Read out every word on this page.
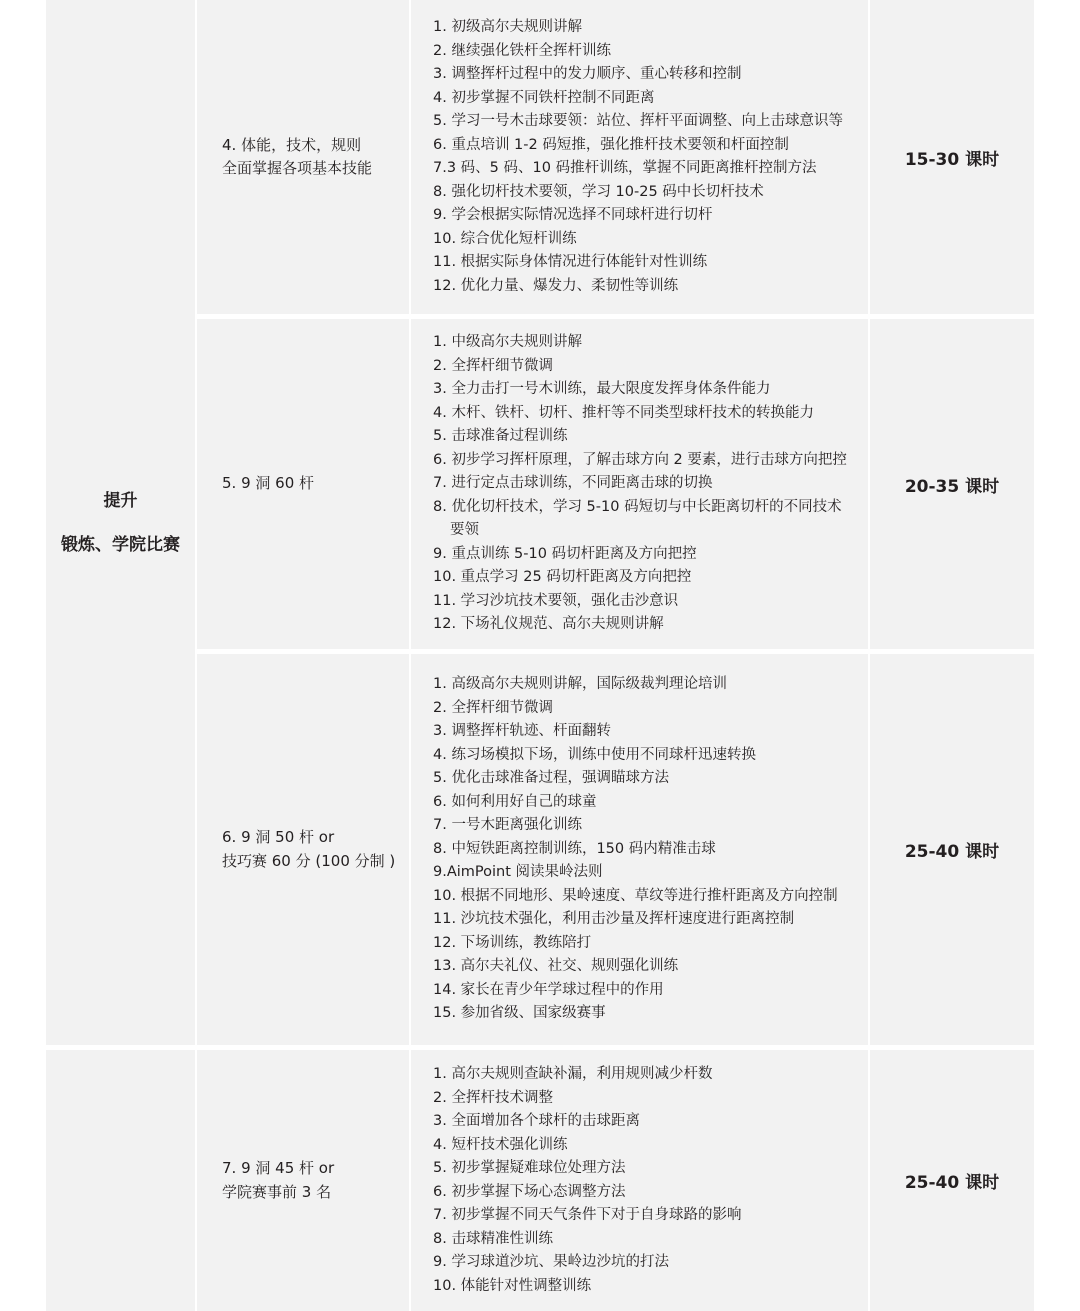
提升
锻炼、学院比赛
4. 体能，技术，规则
全面掌握各项基本技能
1. 初级高尔夫规则讲解
2. 继续强化铁杆全挥杆训练
3. 调整挥杆过程中的发力顺序、重心转移和控制
4. 初步掌握不同铁杆控制不同距离
5. 学习一号木击球要领：站位、挥杆平面调整、向上击球意识等
6. 重点培训 1-2 码短推，强化推杆技术要领和杆面控制
7.3 码、5 码、10 码推杆训练，掌握不同距离推杆控制方法
8. 强化切杆技术要领，学习 10-25 码中长切杆技术
9. 学会根据实际情况选择不同球杆进行切杆
10. 综合优化短杆训练
11. 根据实际身体情况进行体能针对性训练
12. 优化力量、爆发力、柔韧性等训练
15-30 课时
5. 9 洞 60 杆
1. 中级高尔夫规则讲解
2. 全挥杆细节微调
3. 全力击打一号木训练，最大限度发挥身体条件能力
4. 木杆、铁杆、切杆、推杆等不同类型球杆技术的转换能力
5. 击球准备过程训练
6. 初步学习挥杆原理，了解击球方向 2 要素，进行击球方向把控
7. 进行定点击球训练，不同距离击球的切换
8. 优化切杆技术，学习 5-10 码短切与中长距离切杆的不同技术
要领
9. 重点训练 5-10 码切杆距离及方向把控
10. 重点学习 25 码切杆距离及方向把控
11. 学习沙坑技术要领，强化击沙意识
12. 下场礼仪规范、高尔夫规则讲解
20-35 课时
6. 9 洞 50 杆 or
技巧赛 60 分 (100 分制 )
1. 高级高尔夫规则讲解，国际级裁判理论培训
2. 全挥杆细节微调
3. 调整挥杆轨迹、杆面翻转
4. 练习场模拟下场，训练中使用不同球杆迅速转换
5. 优化击球准备过程，强调瞄球方法
6. 如何利用好自己的球童
7. 一号木距离强化训练
8. 中短铁距离控制训练，150 码内精准击球
9.AimPoint 阅读果岭法则
10. 根据不同地形、果岭速度、草纹等进行推杆距离及方向控制
11. 沙坑技术强化，利用击沙量及挥杆速度进行距离控制
12. 下场训练，教练陪打
13. 高尔夫礼仪、社交、规则强化训练
14. 家长在青少年学球过程中的作用
15. 参加省级、国家级赛事
25-40 课时
7. 9 洞 45 杆 or
学院赛事前 3 名
1. 高尔夫规则查缺补漏，利用规则减少杆数
2. 全挥杆技术调整
3. 全面增加各个球杆的击球距离
4. 短杆技术强化训练
5. 初步掌握疑难球位处理方法
6. 初步掌握下场心态调整方法
7. 初步掌握不同天气条件下对于自身球路的影响
8. 击球精准性训练
9. 学习球道沙坑、果岭边沙坑的打法
10. 体能针对性调整训练
25-40 课时
